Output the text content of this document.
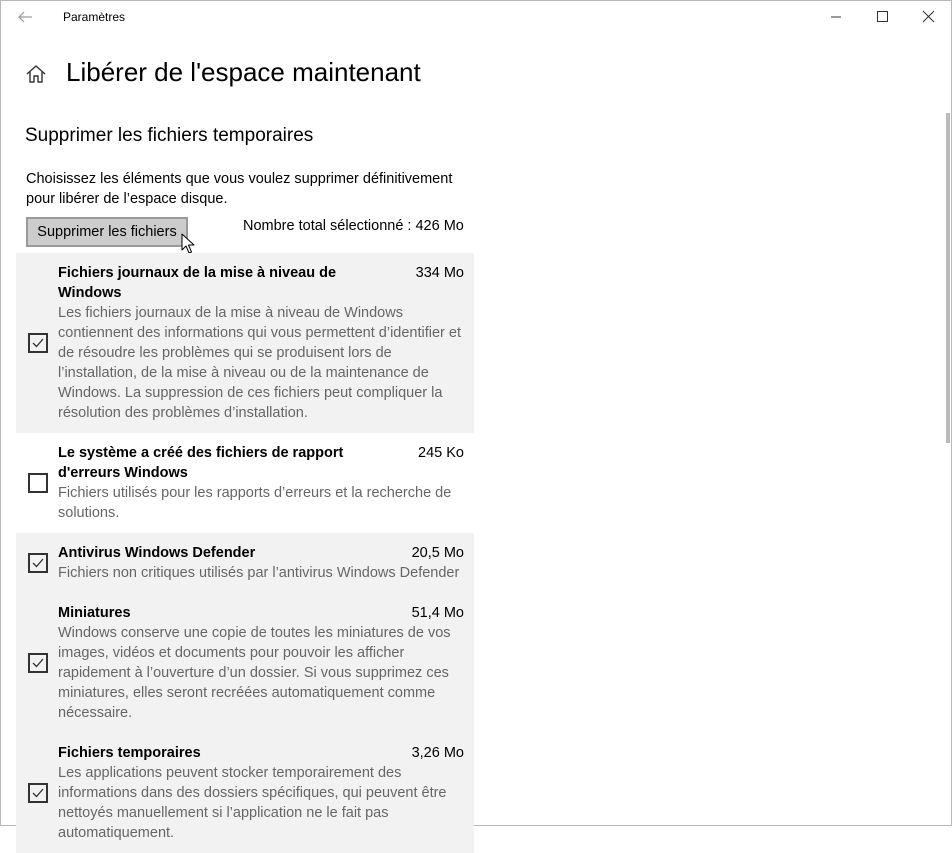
Paramètres
Libérer de l'espace maintenant
Supprimer les fichiers temporaires

Choisissez les éléments que vous voulez supprimer définitivement pour libérer de l’espace disque.

Supprimer les fichiers	Nombre total sélectionné : 426 Mo
Fichiers journaux de la mise à niveau de Windows
334 Mo
Les fichiers journaux de la mise à niveau de Windows contiennent des informations qui vous permettent d’identifier et de résoudre les problèmes qui se produisent lors de l’installation, de la mise à niveau ou de la maintenance de Windows. La suppression de ces fichiers peut compliquer la résolution des problèmes d’installation.
Le système a créé des fichiers de rapport d'erreurs Windows
245 Ko
Fichiers utilisés pour les rapports d’erreurs et la recherche de solutions.
Antivirus Windows Defender	20,5 Mo
Fichiers non critiques utilisés par l’antivirus Windows Defender
Miniatures	51,4 Mo
Windows conserve une copie de toutes les miniatures de vos images, vidéos et documents pour pouvoir les afficher rapidement à l’ouverture d’un dossier. Si vous supprimez ces miniatures, elles seront recréées automatiquement comme nécessaire.
Fichiers temporaires	3,26 Mo
Les applications peuvent stocker temporairement des informations dans des dossiers spécifiques, qui peuvent être nettoyés manuellement si l’application ne le fait pas automatiquement.
